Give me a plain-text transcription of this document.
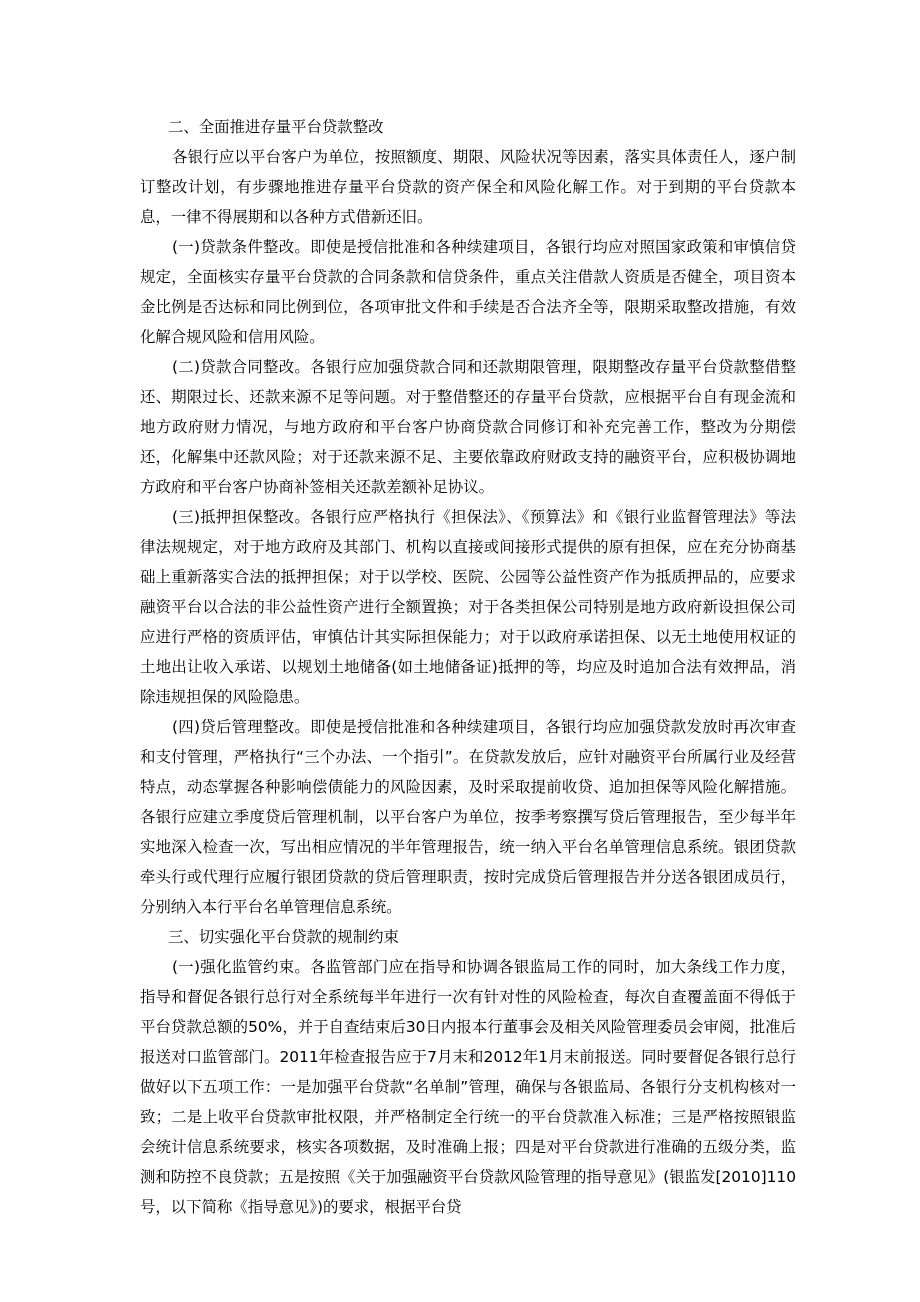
二、全面推进存量平台贷款整改

各银行应以平台客户为单位，按照额度、期限、风险状况等因素，落实具体责任人，逐户制订整改计划，有步骤地推进存量平台贷款的资产保全和风险化解工作。对于到期的平台贷款本息，一律不得展期和以各种方式借新还旧。

(一)贷款条件整改。即使是授信批准和各种续建项目，各银行均应对照国家政策和审慎信贷规定，全面核实存量平台贷款的合同条款和信贷条件，重点关注借款人资质是否健全，项目资本金比例是否达标和同比例到位，各项审批文件和手续是否合法齐全等，限期采取整改措施，有效化解合规风险和信用风险。

(二)贷款合同整改。各银行应加强贷款合同和还款期限管理，限期整改存量平台贷款整借整还、期限过长、还款来源不足等问题。对于整借整还的存量平台贷款，应根据平台自有现金流和地方政府财力情况，与地方政府和平台客户协商贷款合同修订和补充完善工作，整改为分期偿还，化解集中还款风险；对于还款来源不足、主要依靠政府财政支持的融资平台，应积极协调地方政府和平台客户协商补签相关还款差额补足协议。

(三)抵押担保整改。各银行应严格执行《担保法》、《预算法》和《银行业监督管理法》等法律法规规定，对于地方政府及其部门、机构以直接或间接形式提供的原有担保，应在充分协商基础上重新落实合法的抵押担保；对于以学校、医院、公园等公益性资产作为抵质押品的，应要求融资平台以合法的非公益性资产进行全额置换；对于各类担保公司特别是地方政府新设担保公司应进行严格的资质评估，审慎估计其实际担保能力；对于以政府承诺担保、以无土地使用权证的土地出让收入承诺、以规划土地储备(如土地储备证)抵押的等，均应及时追加合法有效押品，消除违规担保的风险隐患。

(四)贷后管理整改。即使是授信批准和各种续建项目，各银行均应加强贷款发放时再次审查和支付管理，严格执行“三个办法、一个指引”。在贷款发放后，应针对融资平台所属行业及经营特点，动态掌握各种影响偿债能力的风险因素，及时采取提前收贷、追加担保等风险化解措施。各银行应建立季度贷后管理机制，以平台客户为单位，按季考察撰写贷后管理报告，至少每半年实地深入检查一次，写出相应情况的半年管理报告，统一纳入平台名单管理信息系统。银团贷款牵头行或代理行应履行银团贷款的贷后管理职责，按时完成贷后管理报告并分送各银团成员行，分别纳入本行平台名单管理信息系统。

三、切实强化平台贷款的规制约束

(一)强化监管约束。各监管部门应在指导和协调各银监局工作的同时，加大条线工作力度，指导和督促各银行总行对全系统每半年进行一次有针对性的风险检查，每次自查覆盖面不得低于平台贷款总额的50%，并于自查结束后30日内报本行董事会及相关风险管理委员会审阅，批准后报送对口监管部门。2011年检查报告应于7月末和2012年1月末前报送。同时要督促各银行总行做好以下五项工作：一是加强平台贷款“名单制”管理，确保与各银监局、各银行分支机构核对一致；二是上收平台贷款审批权限，并严格制定全行统一的平台贷款准入标准；三是严格按照银监会统计信息系统要求，核实各项数据，及时准确上报；四是对平台贷款进行准确的五级分类，监测和防控不良贷款；五是按照《关于加强融资平台贷款风险管理的指导意见》(银监发[2010]110号，以下简称《指导意见》)的要求，根据平台贷
